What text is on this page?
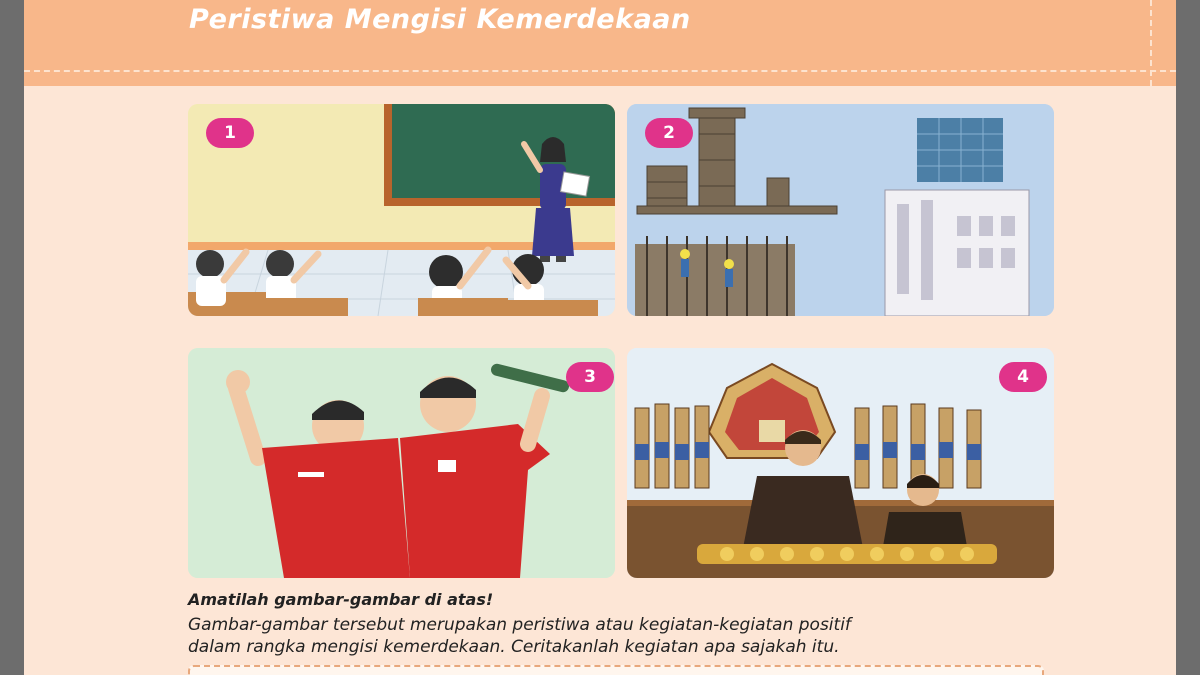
Peristiwa Mengisi Kemerdekaan
1	2
3	4
Amatilah gambar-gambar di atas!
Gambar-gambar tersebut merupakan peristiwa atau kegiatan-kegiatan positif
dalam rangka mengisi kemerdekaan. Ceritakanlah kegiatan apa sajakah itu.
